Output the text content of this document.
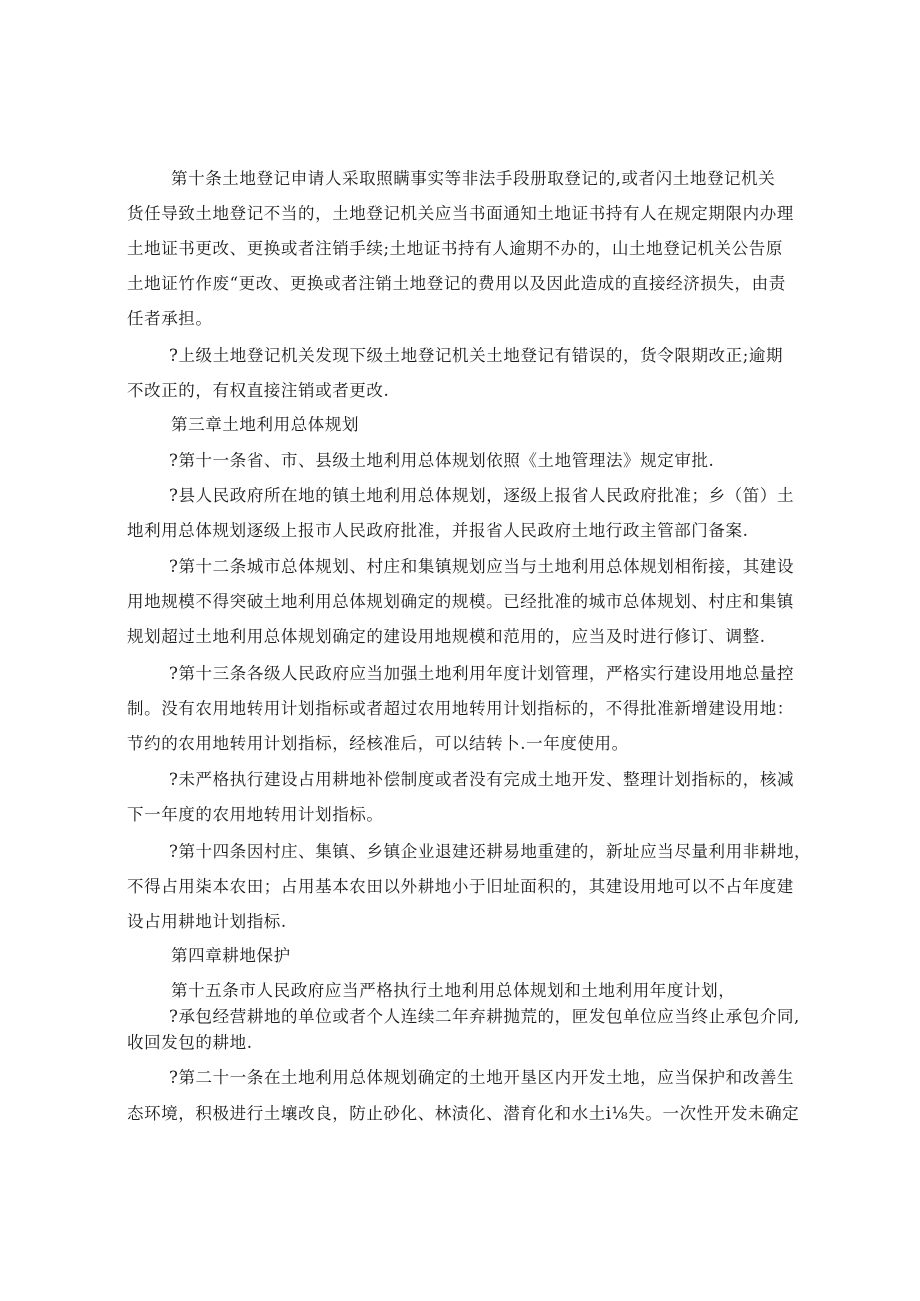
第十条土地登记申请人采取照瞒事实等非法手段册取登记的,或者闪土地登记机关
货任导致土地登记不当的，土地登记机关应当书面通知土地证书持有人在规定期限内办理
土地证书更改、更换或者注销手续;土地证书持有人逾期不办的，山土地登记机关公告原
土地证竹作废“更改、更换或者注销土地登记的费用以及因此造成的直接经济损失，由责
任者承担。
?上级土地登记机关发现下级土地登记机关土地登记有错误的，货令限期改正;逾期
不改正的，有权直接注销或者更改.
第三章土地利用总体规划
?第十一条省、市、县级土地利用总体规划依照《土地管理法》规定审批.
?县人民政府所在地的镇土地利用总体规划，逐级上报省人民政府批准；乡（笛）土
地利用总体规划逐级上报市人民政府批准，并报省人民政府土地行政主管部门备案.
?第十二条城市总体规划、村庄和集镇规划应当与土地利用总体规划相衔接，其建设
用地规模不得突破土地利用总体规划确定的规模。已经批准的城市总体规划、村庄和集镇
规划超过土地利用总体规划确定的建设用地规模和范用的，应当及时进行修订、调整.
?第十三条各级人民政府应当加强土地利用年度计划管理，严格实行建设用地总量控
制。没有农用地转用计划指标或者超过农用地转用计划指标的，不得批准新增建设用地：
节约的农用地转用计划指标，经核准后，可以结转卜.一年度使用。
?未严格执行建设占用耕地补偿制度或者没有完成土地开发、整理计划指标的，核减
下一年度的农用地转用计划指标。
?第十四条因村庄、集镇、乡镇企业退建还耕易地重建的，新址应当尽量利用非耕地，
不得占用柒本农田；占用基本农田以外耕地小于旧址面积的，其建设用地可以不占年度建
设占用耕地计划指标.
第四章耕地保护
第十五条市人民政府应当严格执行土地利用总体规划和土地利用年度计划，
?承包经营耕地的单位或者个人连续二年弃耕抛荒的，匣发包单位应当终止承包介同,
收回发包的耕地.
?第二十一条在土地利用总体规划确定的土地开垦区内开发土地，应当保护和改善生
态环境，积极进行土壤改良，防止砂化、林渍化、潜育化和水土i⅛失。一次性开发未确定
